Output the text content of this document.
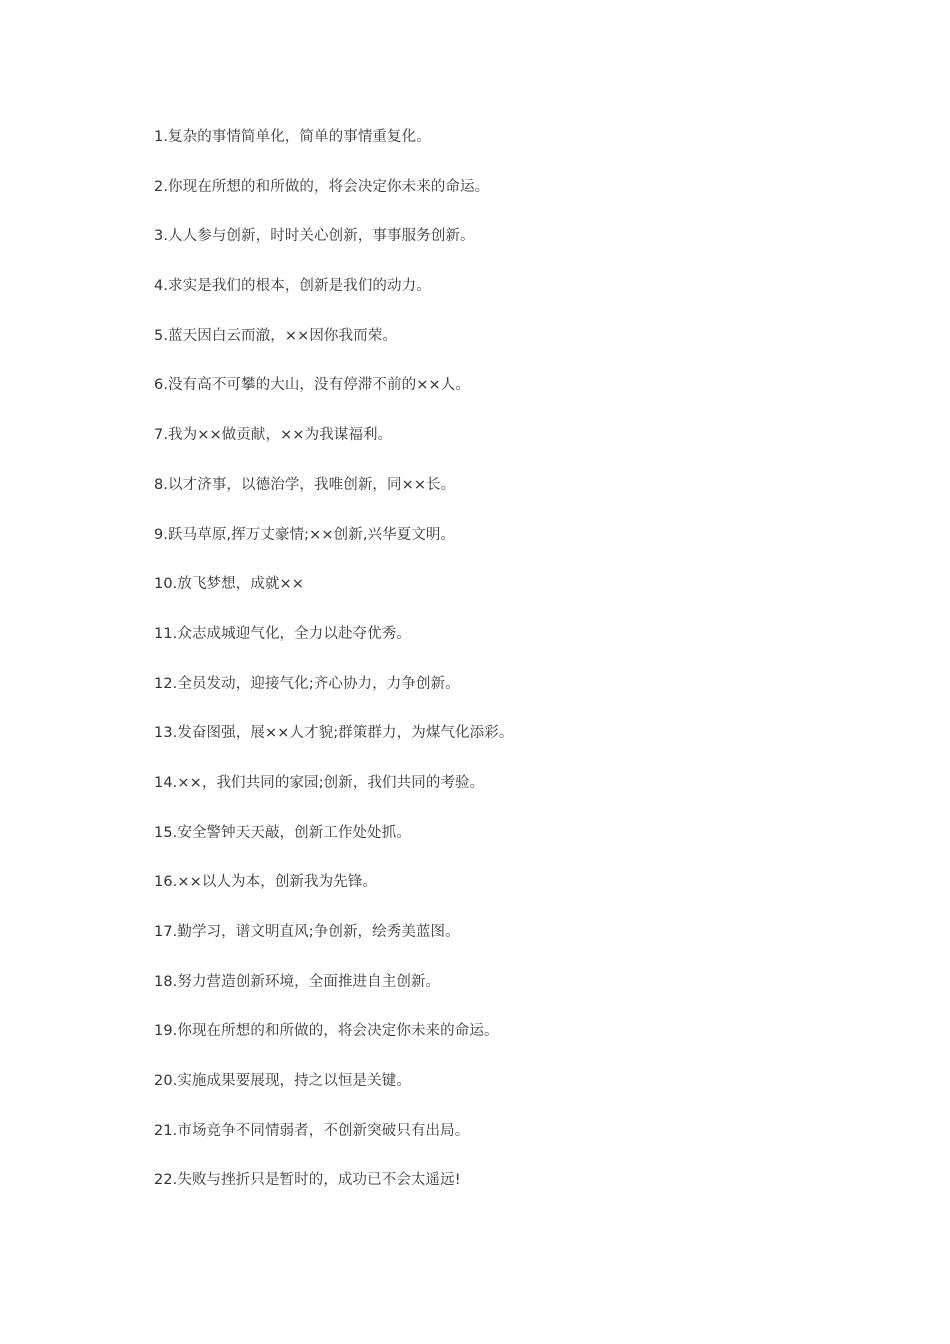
1.复杂的事情简单化，简单的事情重复化。
2.你现在所想的和所做的，将会决定你未来的命运。
3.人人参与创新，时时关心创新，事事服务创新。
4.求实是我们的根本，创新是我们的动力。
5.蓝天因白云而澈，××因你我而荣。
6.没有高不可攀的大山，没有停滞不前的××人。
7.我为××做贡献，××为我谋福利。
8.以才济事，以德治学，我唯创新，同××长。
9.跃马草原,挥万丈豪情;××创新,兴华夏文明。
10.放飞梦想，成就××
11.众志成城迎气化，全力以赴夺优秀。
12.全员发动，迎接气化;齐心协力，力争创新。
13.发奋图强，展××人才貌;群策群力，为煤气化添彩。
14.××，我们共同的家园;创新，我们共同的考验。
15.安全警钟天天敲，创新工作处处抓。
16.××以人为本，创新我为先锋。
17.勤学习，谱文明直风;争创新，绘秀美蓝图。
18.努力营造创新环境，全面推进自主创新。
19.你现在所想的和所做的，将会决定你未来的命运。
20.实施成果要展现，持之以恒是关键。
21.市场竞争不同情弱者，不创新突破只有出局。
22.失败与挫折只是暂时的，成功已不会太遥远!
